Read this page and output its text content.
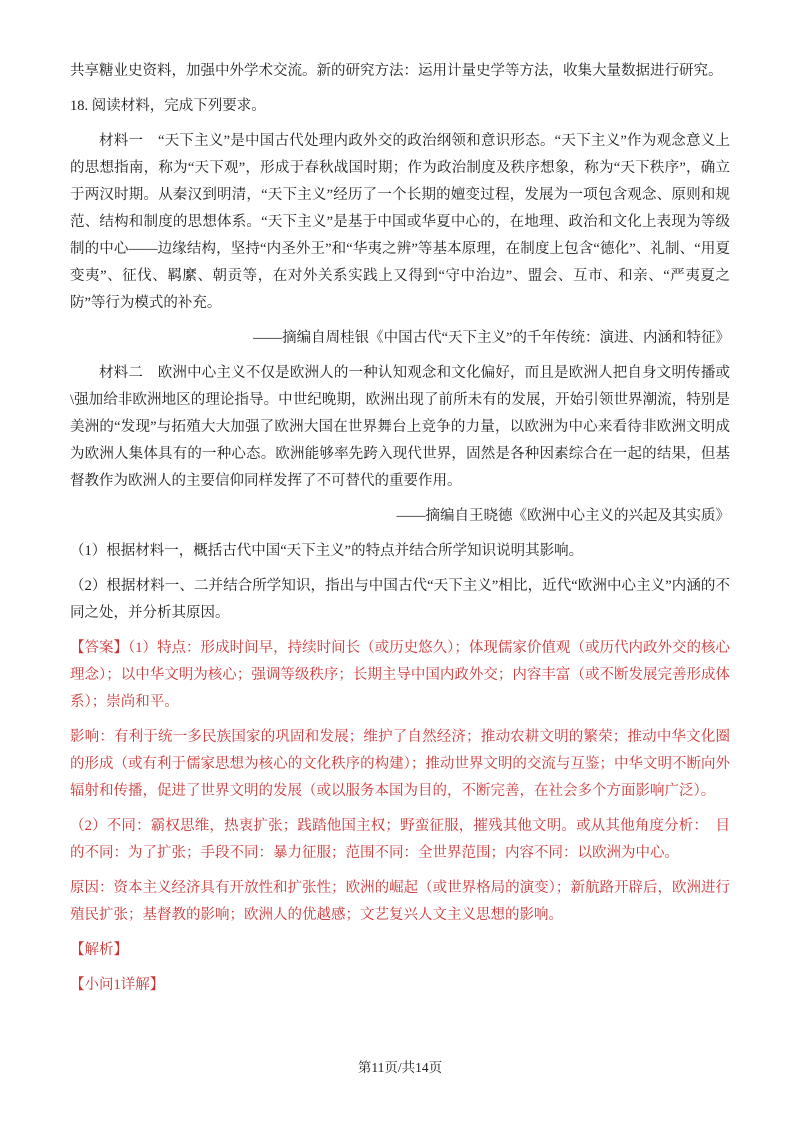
共享糖业史资料，加强中外学术交流。新的研究方法：运用计量史学等方法，收集大量数据进行研究。

18. 阅读材料，完成下列要求。

材料一　“天下主义”是中国古代处理内政外交的政治纲领和意识形态。“天下主义”作为观念意义上的思想指南，称为“天下观”，形成于春秋战国时期；作为政治制度及秩序想象，称为“天下秩序”，确立于两汉时期。从秦汉到明清，“天下主义”经历了一个长期的嬗变过程，发展为一项包含观念、原则和规范、结构和制度的思想体系。“天下主义”是基于中国或华夏中心的，在地理、政治和文化上表现为等级制的中心——边缘结构，坚持“内圣外王”和“华夷之辨”等基本原理，在制度上包含“德化”、礼制、“用夏变夷”、征伐、羁縻、朝贡等，在对外关系实践上又得到“守中治边”、盟会、互市、和亲、“严夷夏之防”等行为模式的补充。

——摘编自周桂银《中国古代“天下主义”的千年传统：演进、内涵和特征》

材料二　欧洲中心主义不仅是欧洲人的一种认知观念和文化偏好，而且是欧洲人把自身文明传播或\强加给非欧洲地区的理论指导。中世纪晚期，欧洲出现了前所未有的发展，开始引领世界潮流，特别是美洲的“发现”与拓殖大大加强了欧洲大国在世界舞台上竞争的力量，以欧洲为中心来看待非欧洲文明成为欧洲人集体具有的一种心态。欧洲能够率先跨入现代世界，固然是各种因素综合在一起的结果，但基督教作为欧洲人的主要信仰同样发挥了不可替代的重要作用。

——摘编自王晓德《欧洲中心主义的兴起及其实质》

（1）根据材料一，概括古代中国“天下主义”的特点并结合所学知识说明其影响。

（2）根据材料一、二并结合所学知识，指出与中国古代“天下主义”相比，近代“欧洲中心主义”内涵的不同之处，并分析其原因。

【答案】（1）特点：形成时间早，持续时间长（或历史悠久）；体现儒家价值观（或历代内政外交的核心理念）；以中华文明为核心；强调等级秩序；长期主导中国内政外交；内容丰富（或不断发展完善形成体系）；崇尚和平。

影响：有利于统一多民族国家的巩固和发展；维护了自然经济；推动农耕文明的繁荣；推动中华文化圈的形成（或有利于儒家思想为核心的文化秩序的构建）；推动世界文明的交流与互鉴；中华文明不断向外辐射和传播，促进了世界文明的发展（或以服务本国为目的，不断完善，在社会多个方面影响广泛）。

（2）不同：霸权思维，热衷扩张；践踏他国主权；野蛮征服，摧残其他文明。或从其他角度分析：　目的不同：为了扩张；手段不同：暴力征服；范围不同：全世界范围；内容不同：以欧洲为中心。

原因：资本主义经济具有开放性和扩张性；欧洲的崛起（或世界格局的演变）；新航路开辟后，欧洲进行殖民扩张；基督教的影响；欧洲人的优越感；文艺复兴人文主义思想的影响。

【解析】

【小问1详解】

第11页/共14页
